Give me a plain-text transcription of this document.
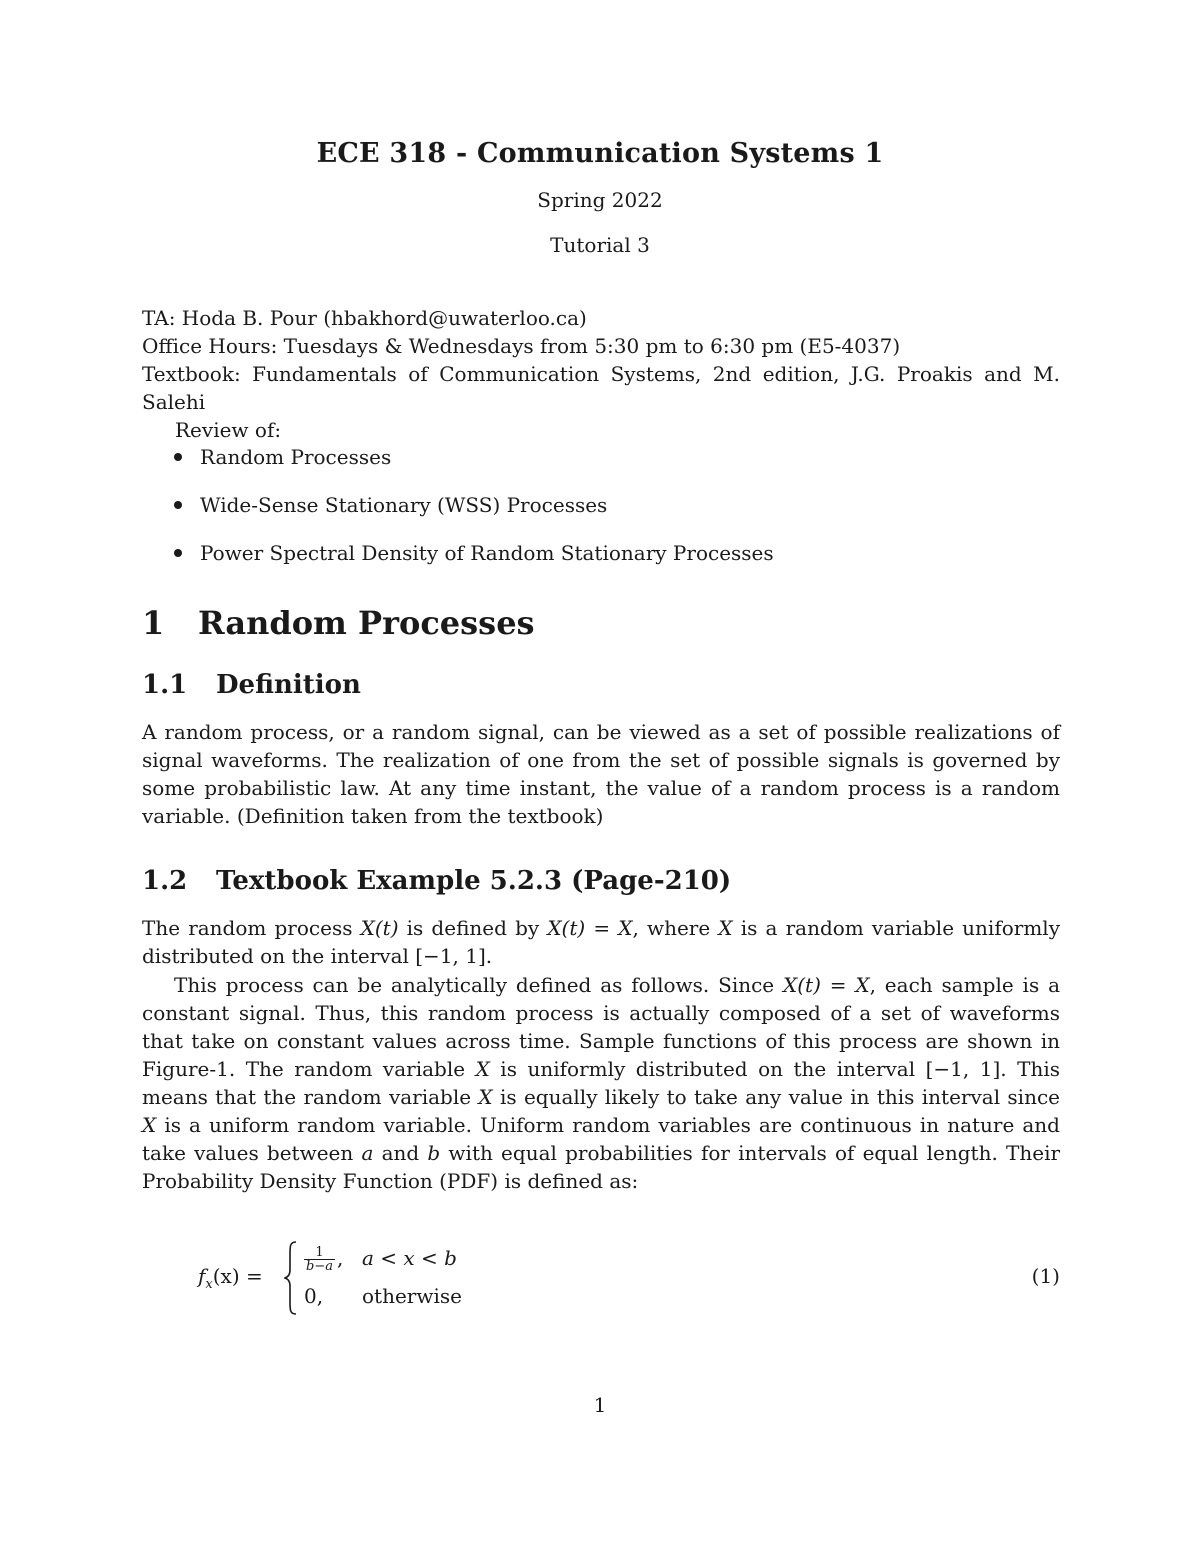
ECE 318 - Communication Systems 1
Spring 2022
Tutorial 3
TA: Hoda B. Pour (hbakhord@uwaterloo.ca)
Office Hours: Tuesdays & Wednesdays from 5:30 pm to 6:30 pm (E5-4037)
Textbook: Fundamentals of Communication Systems, 2nd edition, J.G. Proakis and M.
Salehi
Review of:
Random Processes
Wide-Sense Stationary (WSS) Processes
Power Spectral Density of Random Stationary Processes
1 Random Processes
1.1 Definition
A random process, or a random signal, can be viewed as a set of possible realizations of signal waveforms. The realization of one from the set of possible signals is governed by some probabilistic law. At any time instant, the value of a random process is a random variable. (Definition taken from the textbook)
1.2 Textbook Example 5.2.3 (Page-210)
The random process X(t) is defined by X(t) = X, where X is a random variable uniformly distributed on the interval [−1, 1].
This process can be analytically defined as follows. Since X(t) = X, each sample is a constant signal. Thus, this random process is actually composed of a set of waveforms that take on constant values across time. Sample functions of this process are shown in Figure-1. The random variable X is uniformly distributed on the interval [−1, 1]. This means that the random variable X is equally likely to take any value in this interval since X is a uniform random variable. Uniform random variables are continuous in nature and take values between a and b with equal probabilities for intervals of equal length. Their Probability Density Function (PDF) is defined as:
$f_x(x)$ =
$\frac{1}{b-a}$ , a < x < b
0, otherwise
(1)
1
